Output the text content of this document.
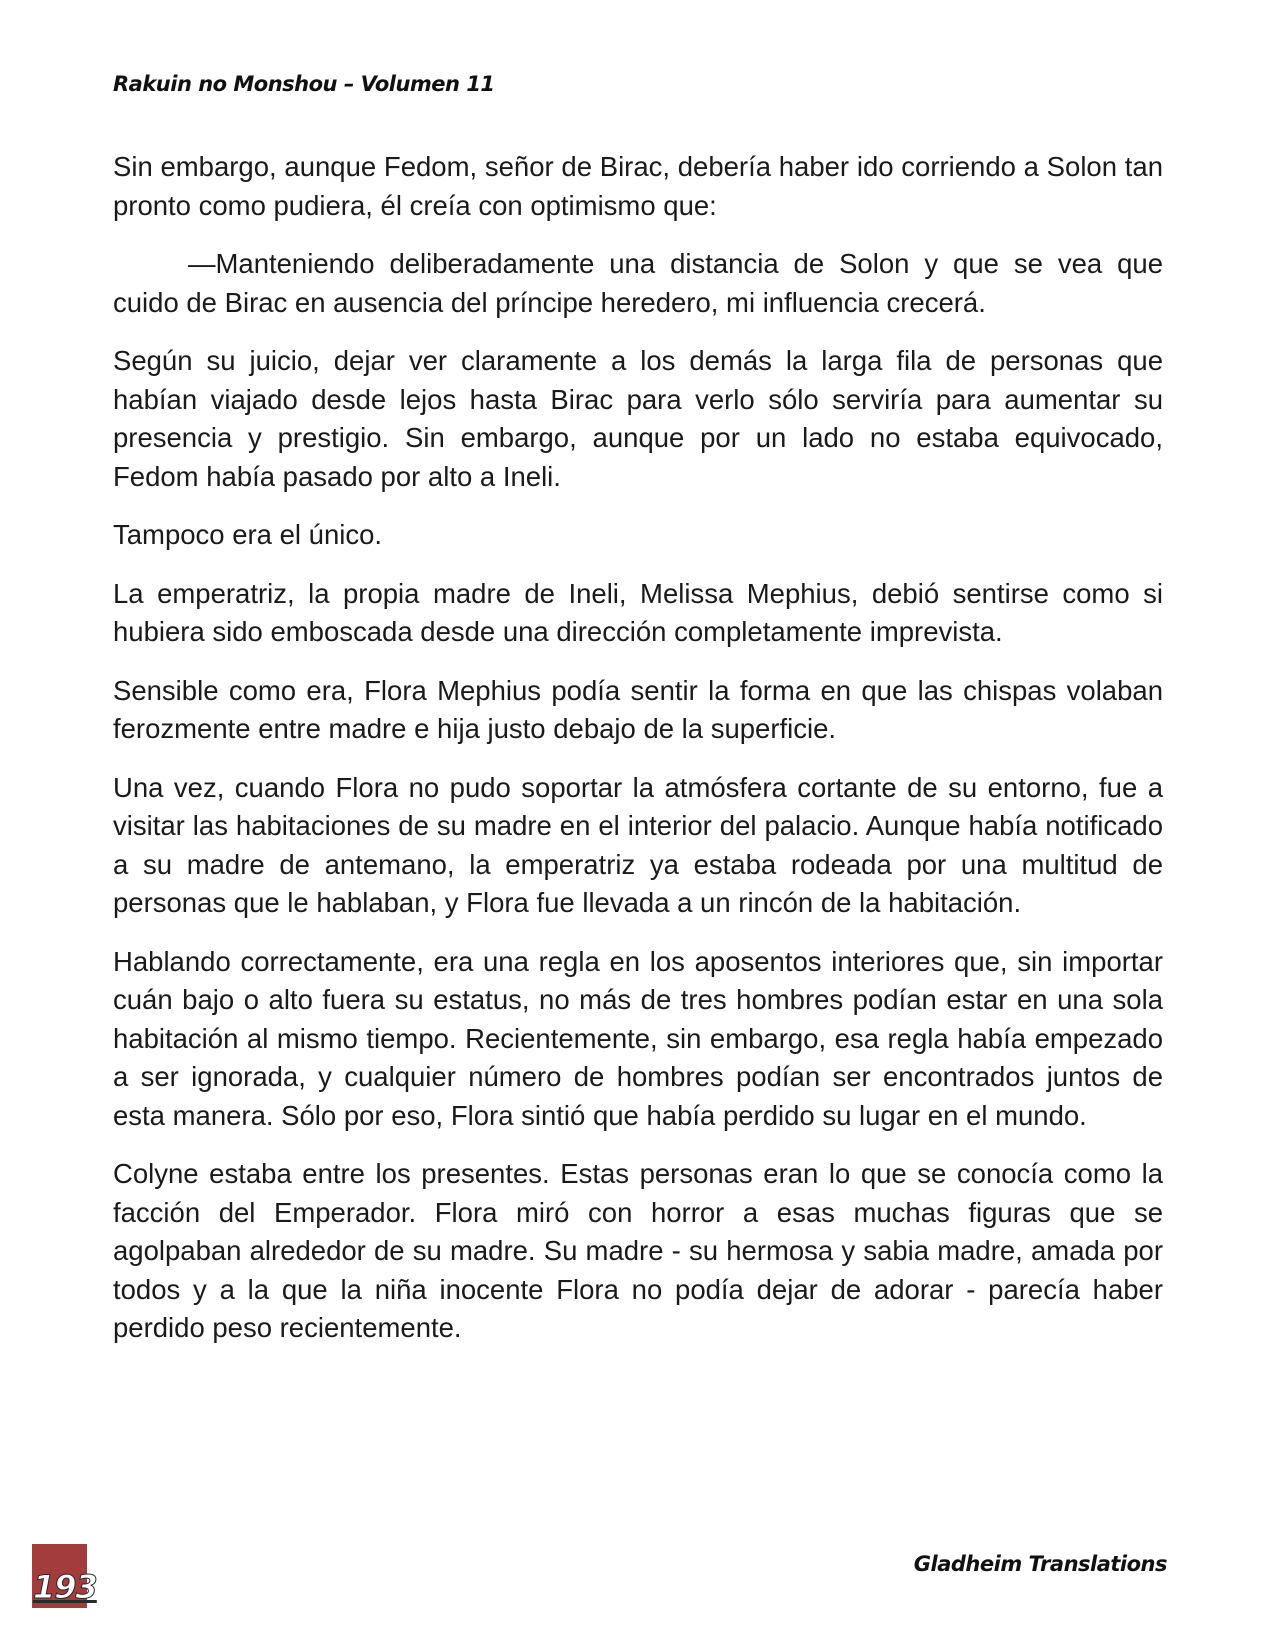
Rakuin no Monshou – Volumen 11

Sin embargo, aunque Fedom, señor de Birac, debería haber ido corriendo a Solon tan pronto como pudiera, él creía con optimismo que:

—Manteniendo deliberadamente una distancia de Solon y que se vea que cuido de Birac en ausencia del príncipe heredero, mi influencia crecerá.

Según su juicio, dejar ver claramente a los demás la larga fila de personas que habían viajado desde lejos hasta Birac para verlo sólo serviría para aumentar su presencia y prestigio. Sin embargo, aunque por un lado no estaba equivocado, Fedom había pasado por alto a Ineli.

Tampoco era el único.

La emperatriz, la propia madre de Ineli, Melissa Mephius, debió sentirse como si hubiera sido emboscada desde una dirección completamente imprevista.

Sensible como era, Flora Mephius podía sentir la forma en que las chispas volaban ferozmente entre madre e hija justo debajo de la superficie.

Una vez, cuando Flora no pudo soportar la atmósfera cortante de su entorno, fue a visitar las habitaciones de su madre en el interior del palacio. Aunque había notificado a su madre de antemano, la emperatriz ya estaba rodeada por una multitud de personas que le hablaban, y Flora fue llevada a un rincón de la habitación.

Hablando correctamente, era una regla en los aposentos interiores que, sin importar cuán bajo o alto fuera su estatus, no más de tres hombres podían estar en una sola habitación al mismo tiempo. Recientemente, sin embargo, esa regla había empezado a ser ignorada, y cualquier número de hombres podían ser encontrados juntos de esta manera. Sólo por eso, Flora sintió que había perdido su lugar en el mundo.

Colyne estaba entre los presentes. Estas personas eran lo que se conocía como la facción del Emperador. Flora miró con horror a esas muchas figuras que se agolpaban alrededor de su madre. Su madre - su hermosa y sabia madre, amada por todos y a la que la niña inocente Flora no podía dejar de adorar - parecía haber perdido peso recientemente.

193
Gladheim Translations
